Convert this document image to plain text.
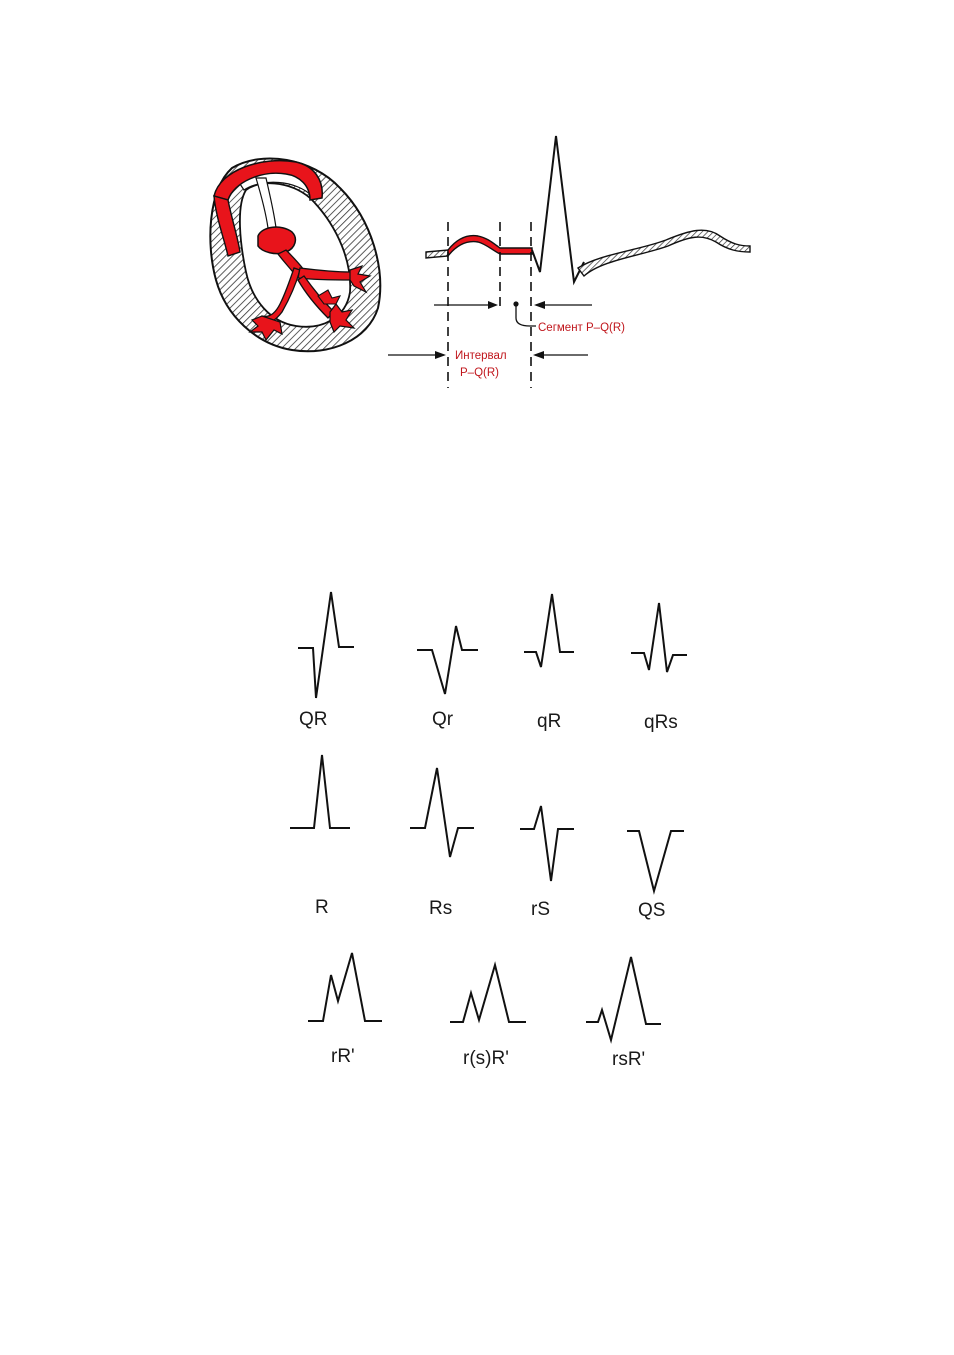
Сегмент P–Q(R)
Интервал
P–Q(R)
QR	Qr	qR	qRs
R	Rs	rS	QS
rR'	r(s)R'	rsR'
